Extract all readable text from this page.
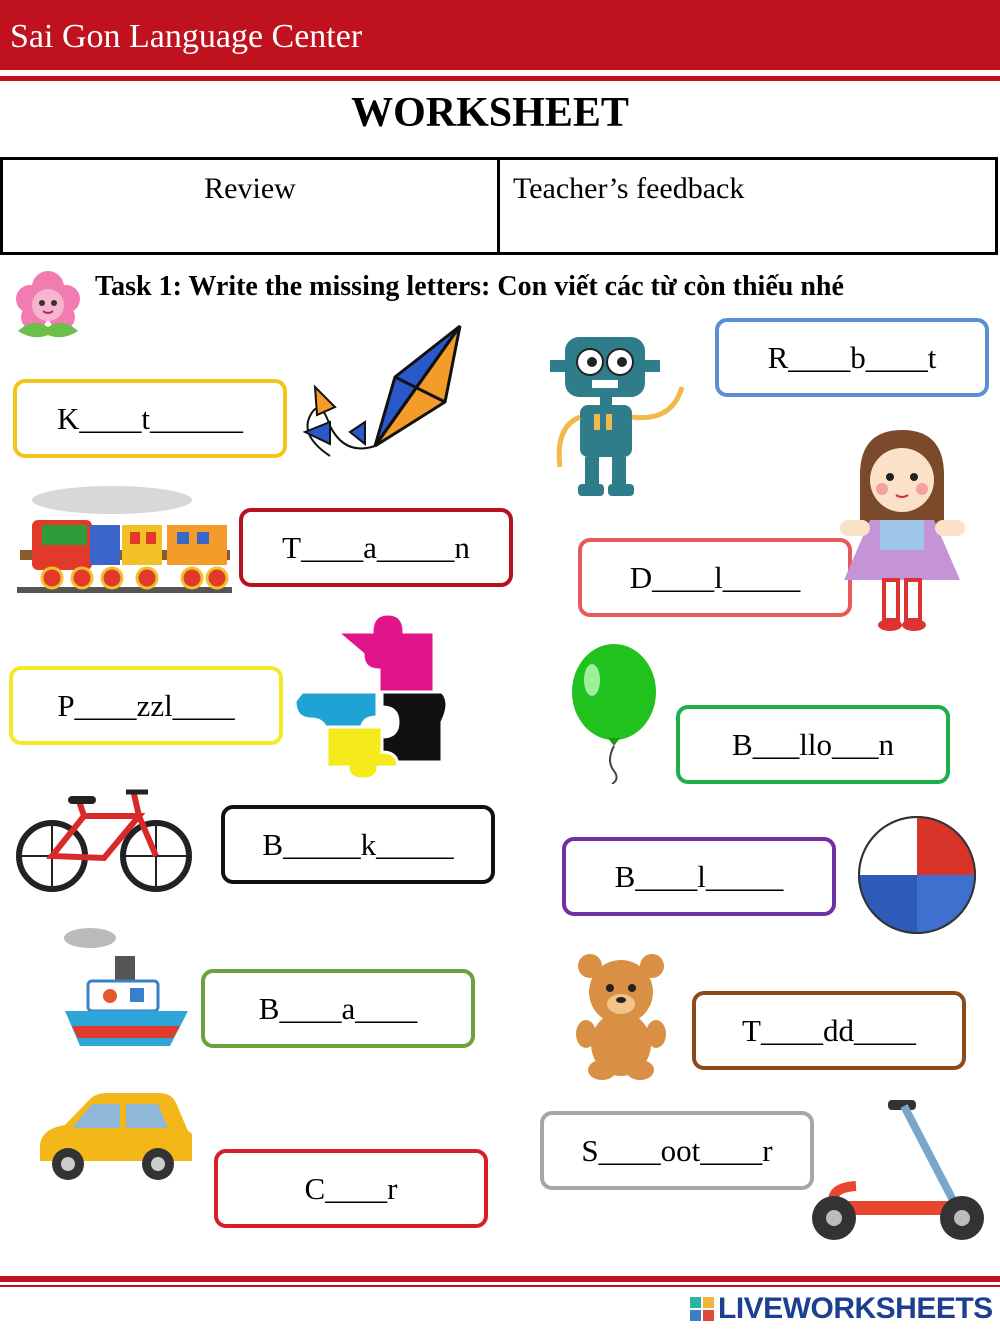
Sai Gon Language Center
WORKSHEET
Review	Teacher’s feedback
Task 1: Write the missing letters: Con viết các từ còn thiếu nhé
K____t______
R____b____t
T____a_____n
D____l_____
P____zzl____
B___llo___n
B_____k_____
B____l_____
B____a____
T____dd____
C____r
S____oot____r
LIVEWORKSHEETS
